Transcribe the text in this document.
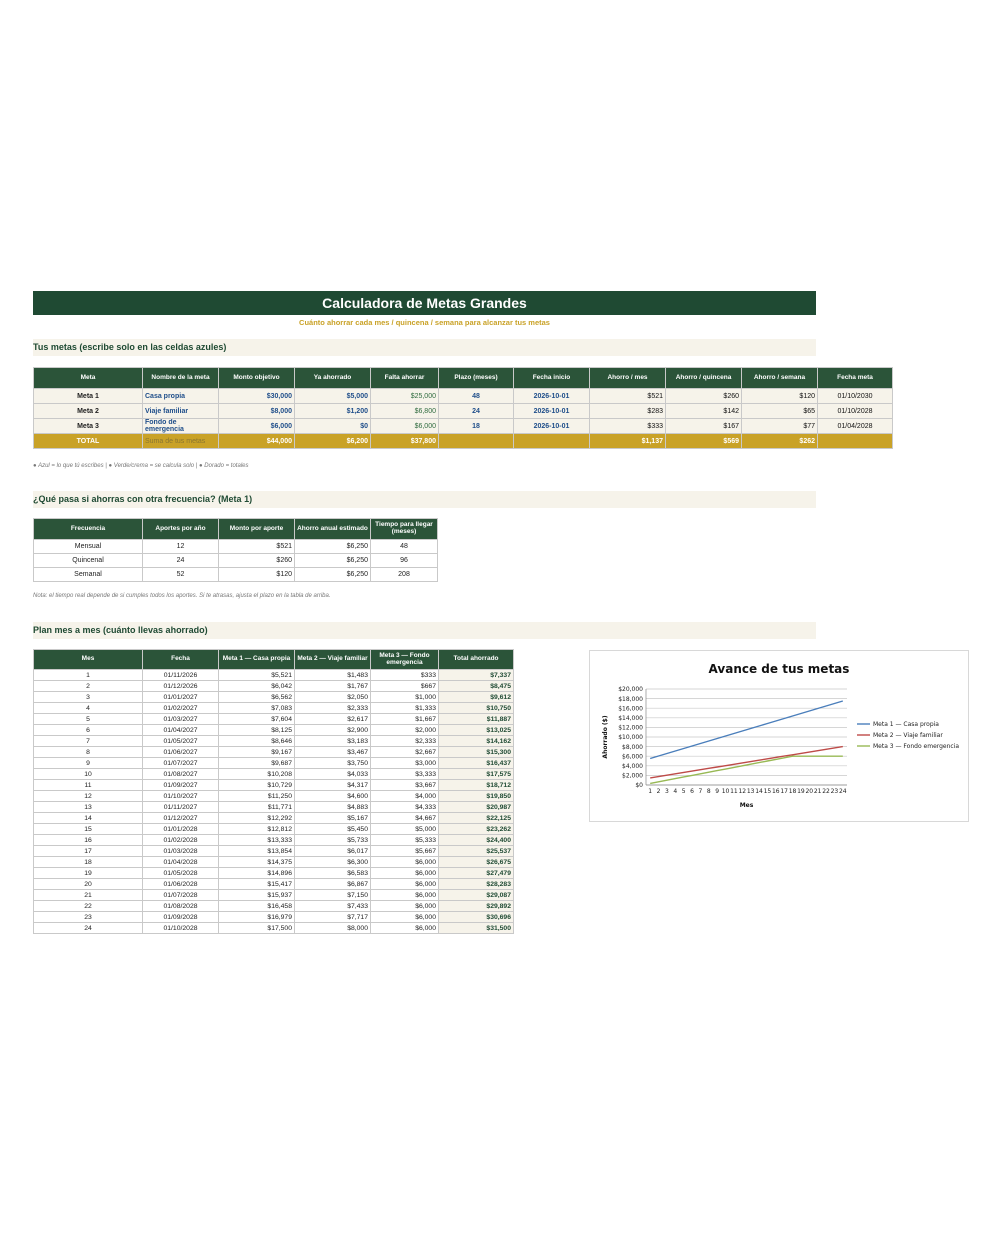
Calculadora de Metas Grandes
Cuánto ahorrar cada mes / quincena / semana para alcanzar tus metas
Tus metas (escribe solo en las celdas azules)
Meta	Nombre de la meta	Monto objetivo	Ya ahorrado	Falta ahorrar	Plazo (meses)	Fecha inicio	Ahorro / mes	Ahorro / quincena	Ahorro / semana	Fecha meta
Meta 1	Casa propia	$30,000	$5,000	$25,000	48	2026-10-01	$521	$260	$120	01/10/2030
Meta 2	Viaje familiar	$8,000	$1,200	$6,800	24	2026-10-01	$283	$142	$65	01/10/2028
Meta 3	Fondo de emergencia	$6,000	$0	$6,000	18	2026-10-01	$333	$167	$77	01/04/2028
TOTAL	Suma de tus metas	$44,000	$6,200	$37,800			$1,137	$569	$262	
● Azul = lo que tú escribes | ● Verde/crema = se calcula solo | ● Dorado = totales
¿Qué pasa si ahorras con otra frecuencia? (Meta 1)
Frecuencia	Aportes por año	Monto por aporte	Ahorro anual estimado	Tiempo para llegar (meses)
Mensual	12	$521	$6,250	48
Quincenal	24	$260	$6,250	96
Semanal	52	$120	$6,250	208
Nota: el tiempo real depende de si cumples todos los aportes. Si te atrasas, ajusta el plazo en la tabla de arriba.
Plan mes a mes (cuánto llevas ahorrado)
Mes	Fecha	Meta 1 — Casa propia	Meta 2 — Viaje familiar	Meta 3 — Fondo emergencia	Total ahorrado
1	01/11/2026	$5,521	$1,483	$333	$7,337
2	01/12/2026	$6,042	$1,767	$667	$8,475
3	01/01/2027	$6,562	$2,050	$1,000	$9,612
4	01/02/2027	$7,083	$2,333	$1,333	$10,750
5	01/03/2027	$7,604	$2,617	$1,667	$11,887
6	01/04/2027	$8,125	$2,900	$2,000	$13,025
7	01/05/2027	$8,646	$3,183	$2,333	$14,162
8	01/06/2027	$9,167	$3,467	$2,667	$15,300
9	01/07/2027	$9,687	$3,750	$3,000	$16,437
10	01/08/2027	$10,208	$4,033	$3,333	$17,575
11	01/09/2027	$10,729	$4,317	$3,667	$18,712
12	01/10/2027	$11,250	$4,600	$4,000	$19,850
13	01/11/2027	$11,771	$4,883	$4,333	$20,987
14	01/12/2027	$12,292	$5,167	$4,667	$22,125
15	01/01/2028	$12,812	$5,450	$5,000	$23,262
16	01/02/2028	$13,333	$5,733	$5,333	$24,400
17	01/03/2028	$13,854	$6,017	$5,667	$25,537
18	01/04/2028	$14,375	$6,300	$6,000	$26,675
19	01/05/2028	$14,896	$6,583	$6,000	$27,479
20	01/06/2028	$15,417	$6,867	$6,000	$28,283
21	01/07/2028	$15,937	$7,150	$6,000	$29,087
22	01/08/2028	$16,458	$7,433	$6,000	$29,892
23	01/09/2028	$16,979	$7,717	$6,000	$30,696
24	01/10/2028	$17,500	$8,000	$6,000	$31,500
Avance de tus metas
$0
$2,000
$4,000
$6,000
$8,000
$10,000
$12,000
$14,000
$16,000
$18,000
$20,000
1 2 3 4 5 6 7 8 9 10 11 12 13 14 15 16 17 18 19 20 21 22 23 24
Mes
Ahorrado ($)	Meta 1 — Casa propia
Meta 2 — Viaje familiar
Meta 3 — Fondo emergencia
